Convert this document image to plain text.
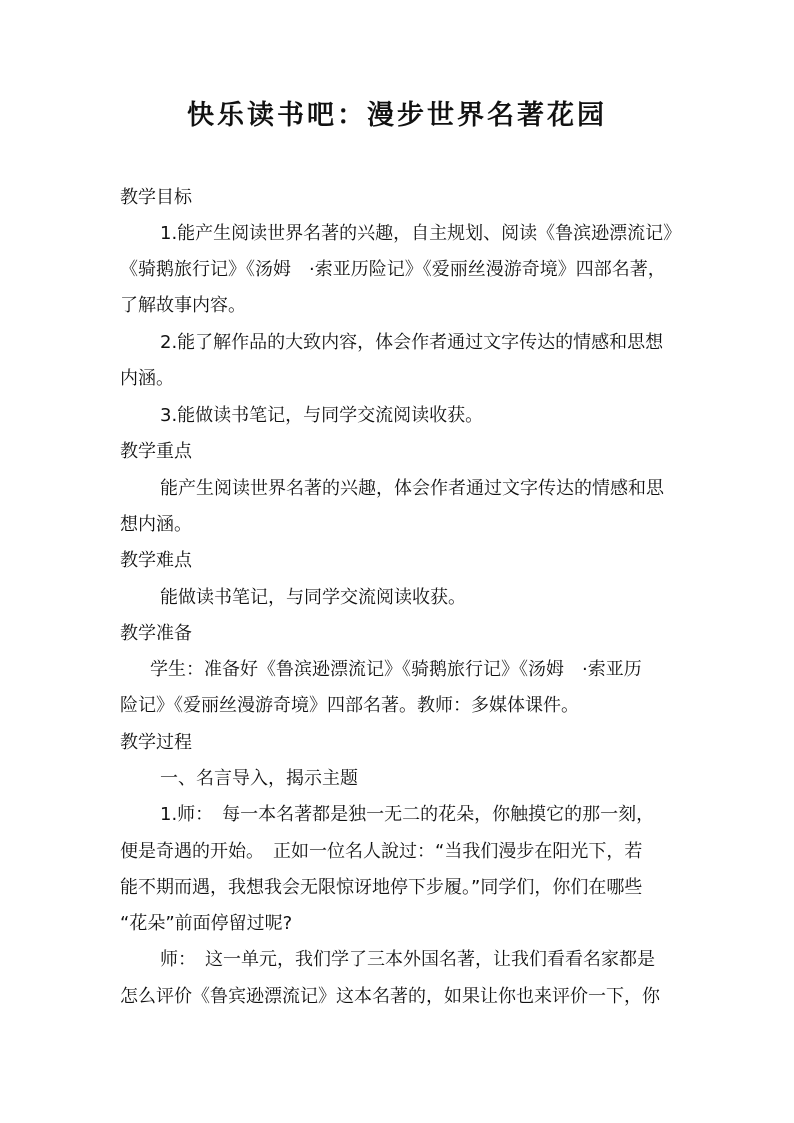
快乐读书吧：漫步世界名著花园
教学目标
1.能产生阅读世界名著的兴趣，自主规划、阅读《鲁滨逊漂流记》
《骑鹅旅行记》《汤姆　·索亚历险记》《爱丽丝漫游奇境》四部名著，
了解故事内容。
2.能了解作品的大致内容，体会作者通过文字传达的情感和思想
内涵。
3.能做读书笔记，与同学交流阅读收获。
教学重点
能产生阅读世界名著的兴趣，体会作者通过文字传达的情感和思
想内涵。
教学难点
能做读书笔记，与同学交流阅读收获。
教学准备
学生：准备好《鲁滨逊漂流记》《骑鹅旅行记》《汤姆　·索亚历
险记》《爱丽丝漫游奇境》四部名著。教师：多媒体课件。
教学过程
一、名言导入，揭示主题
1.师：　每一本名著都是独一无二的花朵，你触摸它的那一刻，
便是奇遇的开始。　正如一位名人說过：“当我们漫步在阳光下，若
能不期而遇，我想我会无限惊讶地停下步履。”同学们，你们在哪些
“花朵”前面停留过呢?
师：　这一单元，我们学了三本外国名著，让我们看看名家都是
怎么评价《鲁宾逊漂流记》这本名著的，如果让你也来评价一下，你
